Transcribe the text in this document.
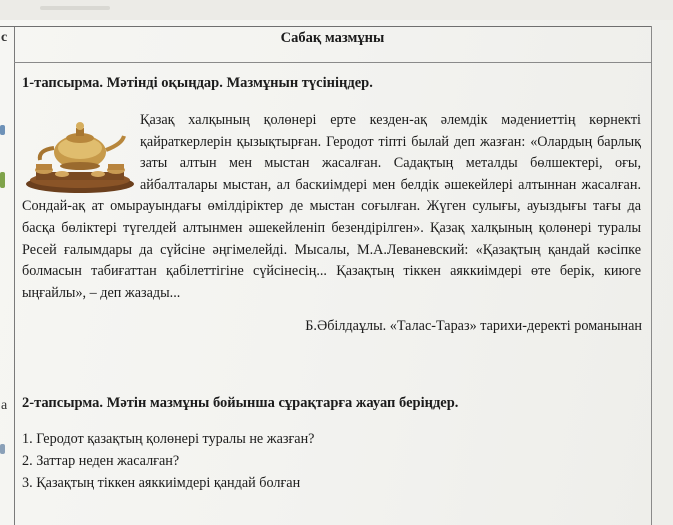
с
а
Сабақ мазмұны
1-тапсырма. Мәтінді оқыңдар. Мазмұнын түсініңдер.
Қазақ халқының қолөнері ерте кезден-ақ әлемдік мәдениеттің көрнекті қайраткерлерін қызықтырған. Геродот тіпті былай деп жазған: «Олардың барлық заты алтын мен мыстан жасалған. Садақтың металды бөлшектері, оғы, айбалталары мыстан, ал баскиімдері мен белдік әшекейлері алтыннан жасалған. Сондай-ақ ат омырауындағы өмілдіріктер де мыстан соғылған. Жүген сулығы, ауыздығы тағы да басқа бөліктері түгелдей алтынмен әшекейленіп безендірілген». Қазақ халқының қолөнері туралы Ресей ғалымдары да сүйсіне әңгімелейді. Мысалы, М.А.Леваневский: «Қазақтың қандай кәсіпке болмасын табиғаттан қабілеттігіне сүйсінесің... Қазақтың тіккен аяккиімдері өте берік, киюге ыңғайлы», – деп жазады...
Б.Әбілдаұлы. «Талас-Тараз» тарихи-деректі романынан
2-тапсырма. Мәтін мазмұны бойынша сұрақтарға жауап беріңдер.
1. Геродот қазақтың қолөнері туралы не жазған?
2. Заттар неден жасалған?
3. Қазақтың тіккен аяккиімдері қандай болған
